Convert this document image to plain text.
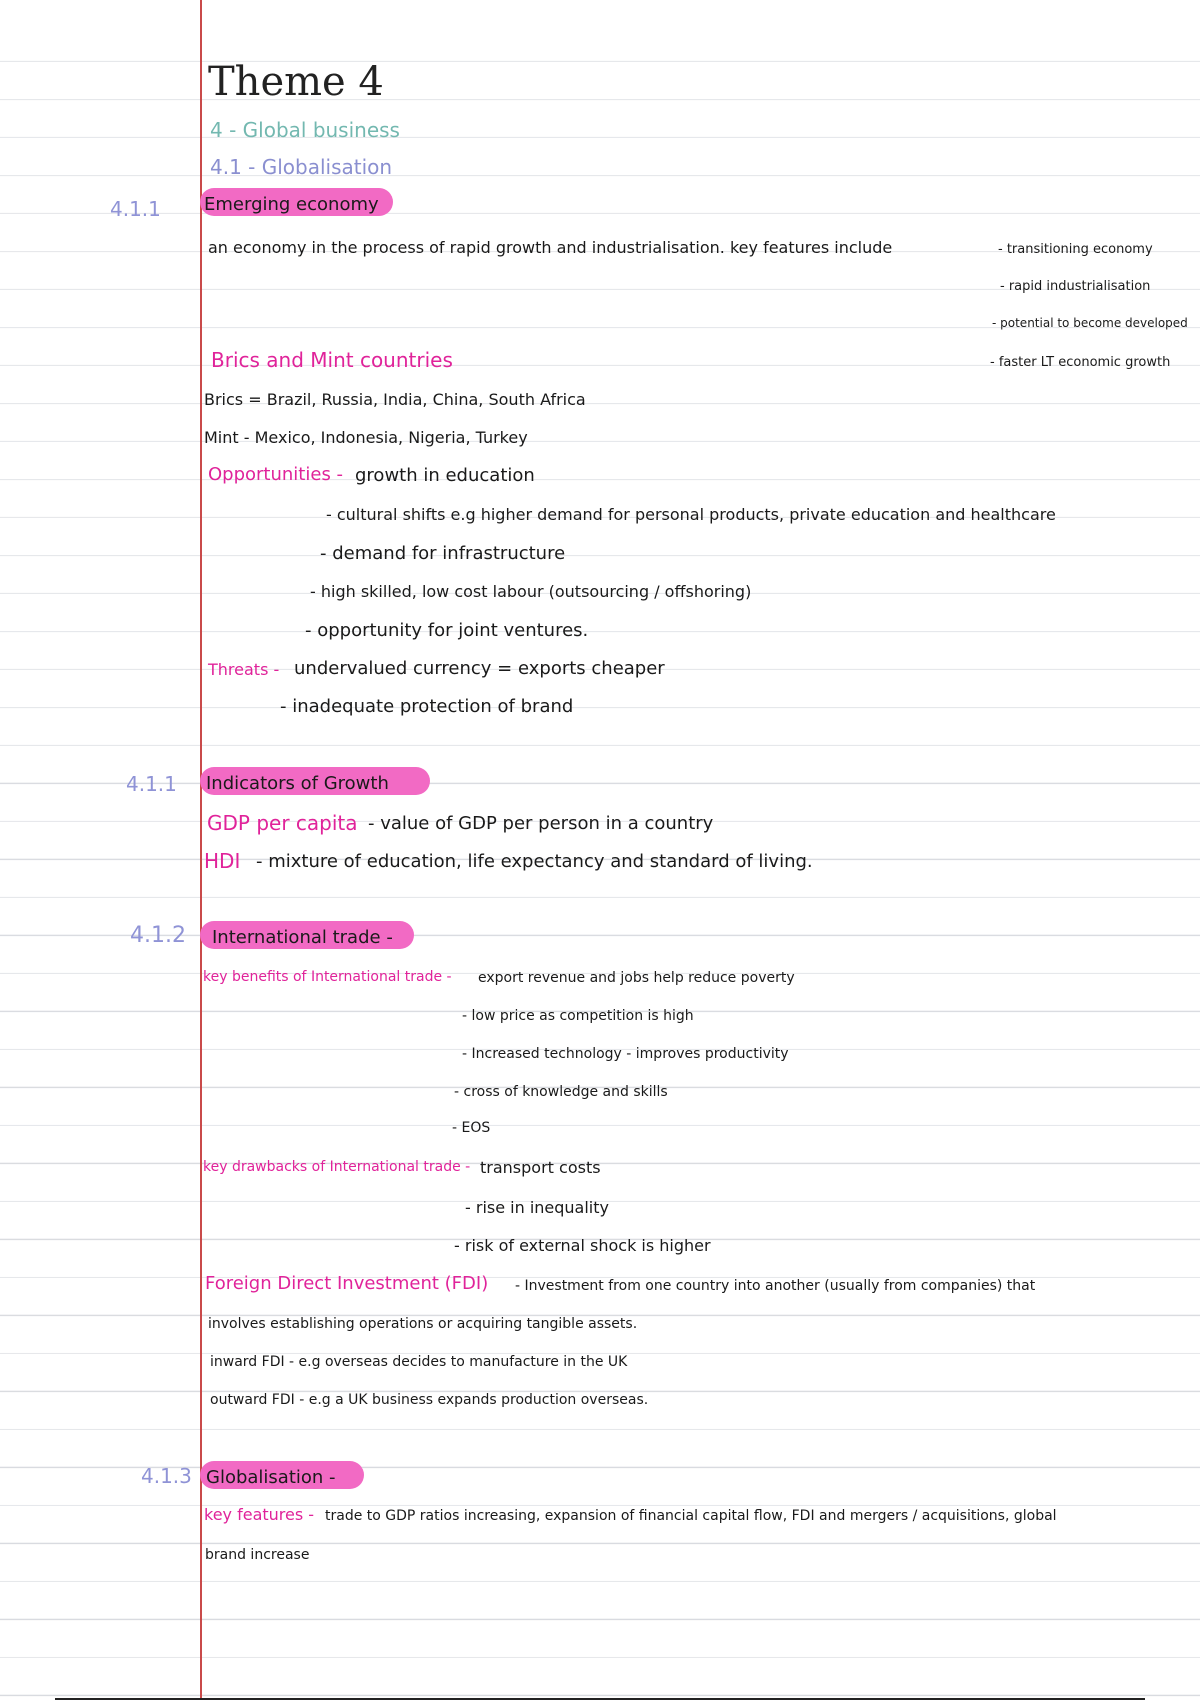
Theme 4
4 - Global business
4.1 - Globalisation
4.1.1 Emerging economy
an economy in the process of rapid growth and industrialisation. key features include	- transitioning economy
- rapid industrialisation
- potential to become developed
- faster LT economic growth
Brics and Mint countries
Brics = Brazil, Russia, India, China, South Africa
Mint - Mexico, Indonesia, Nigeria, Turkey
Opportunities - growth in education
- cultural shifts e.g higher demand for personal products, private education and healthcare
- demand for infrastructure
- high skilled, low cost labour (outsourcing / offshoring)
- opportunity for joint ventures.
Threats - undervalued currency = exports cheaper
- inadequate protection of brand
4.1.1 Indicators of Growth
GDP per capita - value of GDP per person in a country
HDI - mixture of education, life expectancy and standard of living.
4.1.2 International trade -
key benefits of International trade - export revenue and jobs help reduce poverty
- low price as competition is high
- Increased technology - improves productivity
- cross of knowledge and skills
- EOS
key drawbacks of International trade - transport costs
- rise in inequality
- risk of external shock is higher
Foreign Direct Investment (FDI) - Investment from one country into another (usually from companies) that
involves establishing operations or acquiring tangible assets.
inward FDI - e.g overseas decides to manufacture in the UK
outward FDI - e.g a UK business expands production overseas.
4.1.3 Globalisation -
key features - trade to GDP ratios increasing, expansion of financial capital flow, FDI and mergers / acquisitions, global
brand increase
